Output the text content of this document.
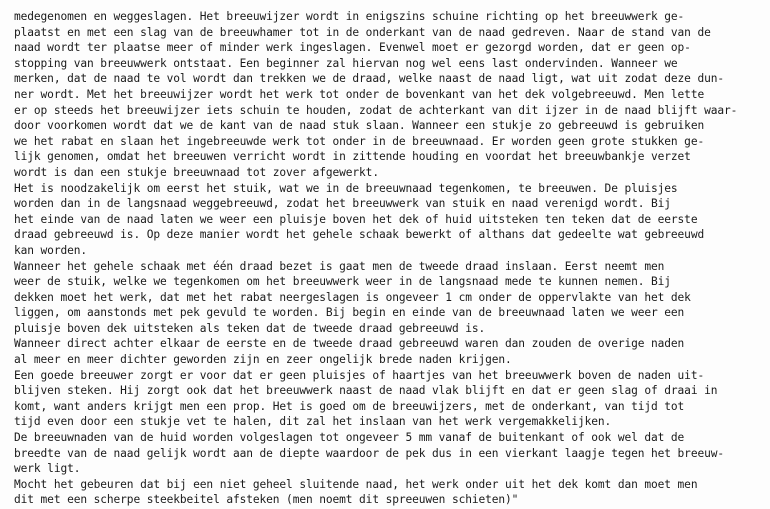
medegenomen en weggeslagen. Het breeuwijzer wordt in enigszins schuine richting op het breeuwwerk ge-
plaatst en met een slag van de breeuwhamer tot in de onderkant van de naad gedreven. Naar de stand van de
naad wordt ter plaatse meer of minder werk ingeslagen. Evenwel moet er gezorgd worden, dat er geen op-
stopping van breeuwwerk ontstaat. Een beginner zal hiervan nog wel eens last ondervinden. Wanneer we
merken, dat de naad te vol wordt dan trekken we de draad, welke naast de naad ligt, wat uit zodat deze dun-
ner wordt. Met het breeuwijzer wordt het werk tot onder de bovenkant van het dek volgebreeuwd. Men lette
er op steeds het breeuwijzer iets schuin te houden, zodat de achterkant van dit ijzer in de naad blijft waar-
door voorkomen wordt dat we de kant van de naad stuk slaan. Wanneer een stukje zo gebreeuwd is gebruiken
we het rabat en slaan het ingebreeuwde werk tot onder in de breeuwnaad. Er worden geen grote stukken ge-
lijk genomen, omdat het breeuwen verricht wordt in zittende houding en voordat het breeuwbankje verzet
wordt is dan een stukje breeuwnaad tot zover afgewerkt.
Het is noodzakelijk om eerst het stuik, wat we in de breeuwnaad tegenkomen, te breeuwen. De pluisjes
worden dan in de langsnaad weggebreeuwd, zodat het breeuwwerk van stuik en naad verenigd wordt. Bij
het einde van de naad laten we weer een pluisje boven het dek of huid uitsteken ten teken dat de eerste
draad gebreeuwd is. Op deze manier wordt het gehele schaak bewerkt of althans dat gedeelte wat gebreeuwd
kan worden.
Wanneer het gehele schaak met één draad bezet is gaat men de tweede draad inslaan. Eerst neemt men
weer de stuik, welke we tegenkomen om het breeuwwerk weer in de langsnaad mede te kunnen nemen. Bij
dekken moet het werk, dat met het rabat neergeslagen is ongeveer 1 cm onder de oppervlakte van het dek
liggen, om aanstonds met pek gevuld te worden. Bij begin en einde van de breeuwnaad laten we weer een
pluisje boven dek uitsteken als teken dat de tweede draad gebreeuwd is.
Wanneer direct achter elkaar de eerste en de tweede draad gebreeuwd waren dan zouden de overige naden
al meer en meer dichter geworden zijn en zeer ongelijk brede naden krijgen.
Een goede breeuwer zorgt er voor dat er geen pluisjes of haartjes van het breeuwwerk boven de naden uit-
blijven steken. Hij zorgt ook dat het breeuwwerk naast de naad vlak blijft en dat er geen slag of draai in
komt, want anders krijgt men een prop. Het is goed om de breeuwijzers, met de onderkant, van tijd tot
tijd even door een stukje vet te halen, dit zal het inslaan van het werk vergemakkelijken.
De breeuwnaden van de huid worden volgeslagen tot ongeveer 5 mm vanaf de buitenkant of ook wel dat de
breedte van de naad gelijk wordt aan de diepte waardoor de pek dus in een vierkant laagje tegen het breeuw-
werk ligt.
Mocht het gebeuren dat bij een niet geheel sluitende naad, het werk onder uit het dek komt dan moet men
dit met een scherpe steekbeitel afsteken (men noemt dit spreeuwen schieten)"
